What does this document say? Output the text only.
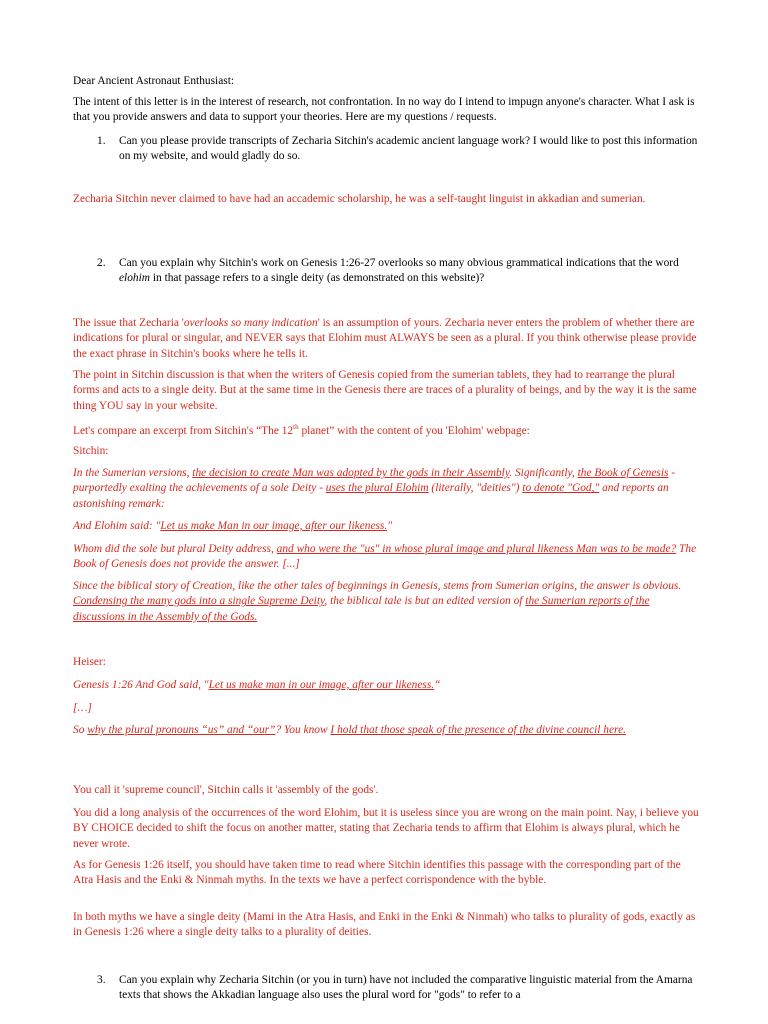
Dear Ancient Astronaut Enthusiast:

The intent of this letter is in the interest of research, not confrontation. In no way do I intend to impugn anyone's character. What I ask is that you provide answers and data to support your theories. Here are my questions / requests.

1. Can you please provide transcripts of Zecharia Sitchin's academic ancient language work? I would like to post this information on my website, and would gladly do so.

Zecharia Sitchin never claimed to have had an accademic scholarship, he was a self-taught linguist in akkadian and sumerian.

2. Can you explain why Sitchin's work on Genesis 1:26-27 overlooks so many obvious grammatical indications that the word elohim in that passage refers to a single deity (as demonstrated on this website)?

The issue that Zecharia 'overlooks so many indication' is an assumption of yours. Zecharia never enters the problem of whether there are indications for plural or singular, and NEVER says that Elohim must ALWAYS be seen as a plural. If you think otherwise please provide the exact phrase in Sitchin's books where he tells it.

The point in Sitchin discussion is that when the writers of Genesis copied from the sumerian tablets, they had to rearrange the plural forms and acts to a single deity. But at the same time in the Genesis there are traces of a plurality of beings, and by the way it is the same thing YOU say in your website.

Let's compare an excerpt from Sitchin's “The 12th planet” with the content of you 'Elohim' webpage:

Sitchin:

In the Sumerian versions, the decision to create Man was adopted by the gods in their Assembly. Significantly, the Book of Genesis - purportedly exalting the achievements of a sole Deity - uses the plural Elohim (literally, "deities") to denote "God," and reports an astonishing remark:

And Elohim said: "Let us make Man in our image, after our likeness."

Whom did the sole but plural Deity address, and who were the "us" in whose plural image and plural likeness Man was to be made? The Book of Genesis does not provide the answer. [...]

Since the biblical story of Creation, like the other tales of beginnings in Genesis, stems from Sumerian origins, the answer is obvious. Condensing the many gods into a single Supreme Deity, the biblical tale is but an edited version of the Sumerian reports of the discussions in the Assembly of the Gods.

Heiser:

Genesis 1:26 And God said, "Let us make man in our image, after our likeness.“

[…]

So why the plural pronouns “us” and “our”? You know I hold that those speak of the presence of the divine council here.

You call it 'supreme council', Sitchin calls it 'assembly of the gods'.

You did a long analysis of the occurrences of the word Elohim, but it is useless since you are wrong on the main point. Nay, i believe you BY CHOICE decided to shift the focus on another matter, stating that Zecharia tends to affirm that Elohim is always plural, which he never wrote.

As for Genesis 1:26 itself, you should have taken time to read where Sitchin identifies this passage with the corresponding part of the Atra Hasis and the Enki & Ninmah myths. In the texts we have a perfect corrispondence with the byble.

In both myths we have a single deity (Mami in the Atra Hasis, and Enki in the Enki & Ninmah) who talks to plurality of gods, exactly as in Genesis 1:26 where a single deity talks to a plurality of deities.

3. Can you explain why Zecharia Sitchin (or you in turn) have not included the comparative linguistic material from the Amarna texts that shows the Akkadian language also uses the plural word for "gods" to refer to a
